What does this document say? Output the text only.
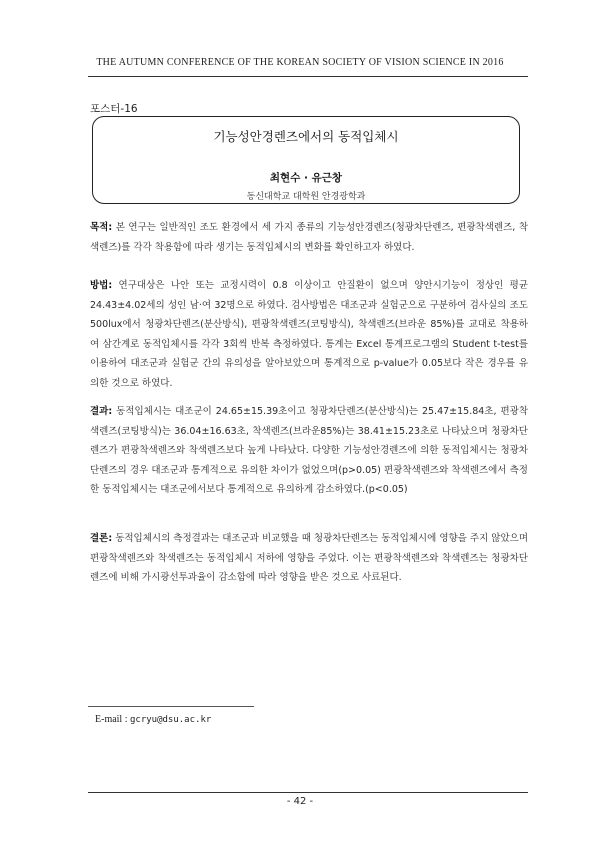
THE AUTUMN CONFERENCE OF THE KOREAN SOCIETY OF VISION SCIENCE IN 2016
포스터-16
기능성안경렌즈에서의 동적입체시
최현수 · 유근창
동신대학교 대학원 안경광학과
목적: 본 연구는 일반적인 조도 환경에서 세 가지 종류의 기능성안경렌즈(청광차단렌즈, 편광착색렌즈, 착색렌즈)를 각각 착용함에 따라 생기는 동적입체시의 변화를 확인하고자 하였다.
방법: 연구대상은 나안 또는 교정시력이 0.8 이상이고 안질환이 없으며 양안시기능이 정상인 평균 24.43±4.02세의 성인 남·여 32명으로 하였다. 검사방법은 대조군과 실험군으로 구분하여 검사실의 조도 500lux에서 청광차단렌즈(분산방식), 편광착색렌즈(코팅방식), 착색렌즈(브라운 85%)를 교대로 착용하여 삼간계로 동적입체시를 각각 3회씩 반복 측정하였다. 통계는 Excel 통계프로그램의 Student t-test를 이용하여 대조군과 실험군 간의 유의성을 알아보았으며 통계적으로 p-value가 0.05보다 작은 경우를 유의한 것으로 하였다.
결과: 동적입체시는 대조군이 24.65±15.39초이고 청광차단렌즈(분산방식)는 25.47±15.84초, 편광착색렌즈(코팅방식)는 36.04±16.63초, 착색렌즈(브라운85%)는 38.41±15.23초로 나타났으며 청광차단렌즈가 편광착색렌즈와 착색렌즈보다 높게 나타났다. 다양한 기능성안경렌즈에 의한 동적입체시는 청광차단렌즈의 경우 대조군과 통계적으로 유의한 차이가 없었으며(p>0.05) 편광착색렌즈와 착색렌즈에서 측정한 동적입체시는 대조군에서보다 통계적으로 유의하게 감소하였다.(p<0.05)
결론: 동적입체시의 측정결과는 대조군과 비교했을 때 청광차단렌즈는 동적입체시에 영향을 주지 않았으며 편광착색렌즈와 착색렌즈는 동적입체시 저하에 영향을 주었다. 이는 편광착색렌즈와 착색렌즈는 청광차단렌즈에 비해 가시광선투과율이 감소함에 따라 영향을 받은 것으로 사료된다.
E-mail : gcryu@dsu.ac.kr
- 42 -
